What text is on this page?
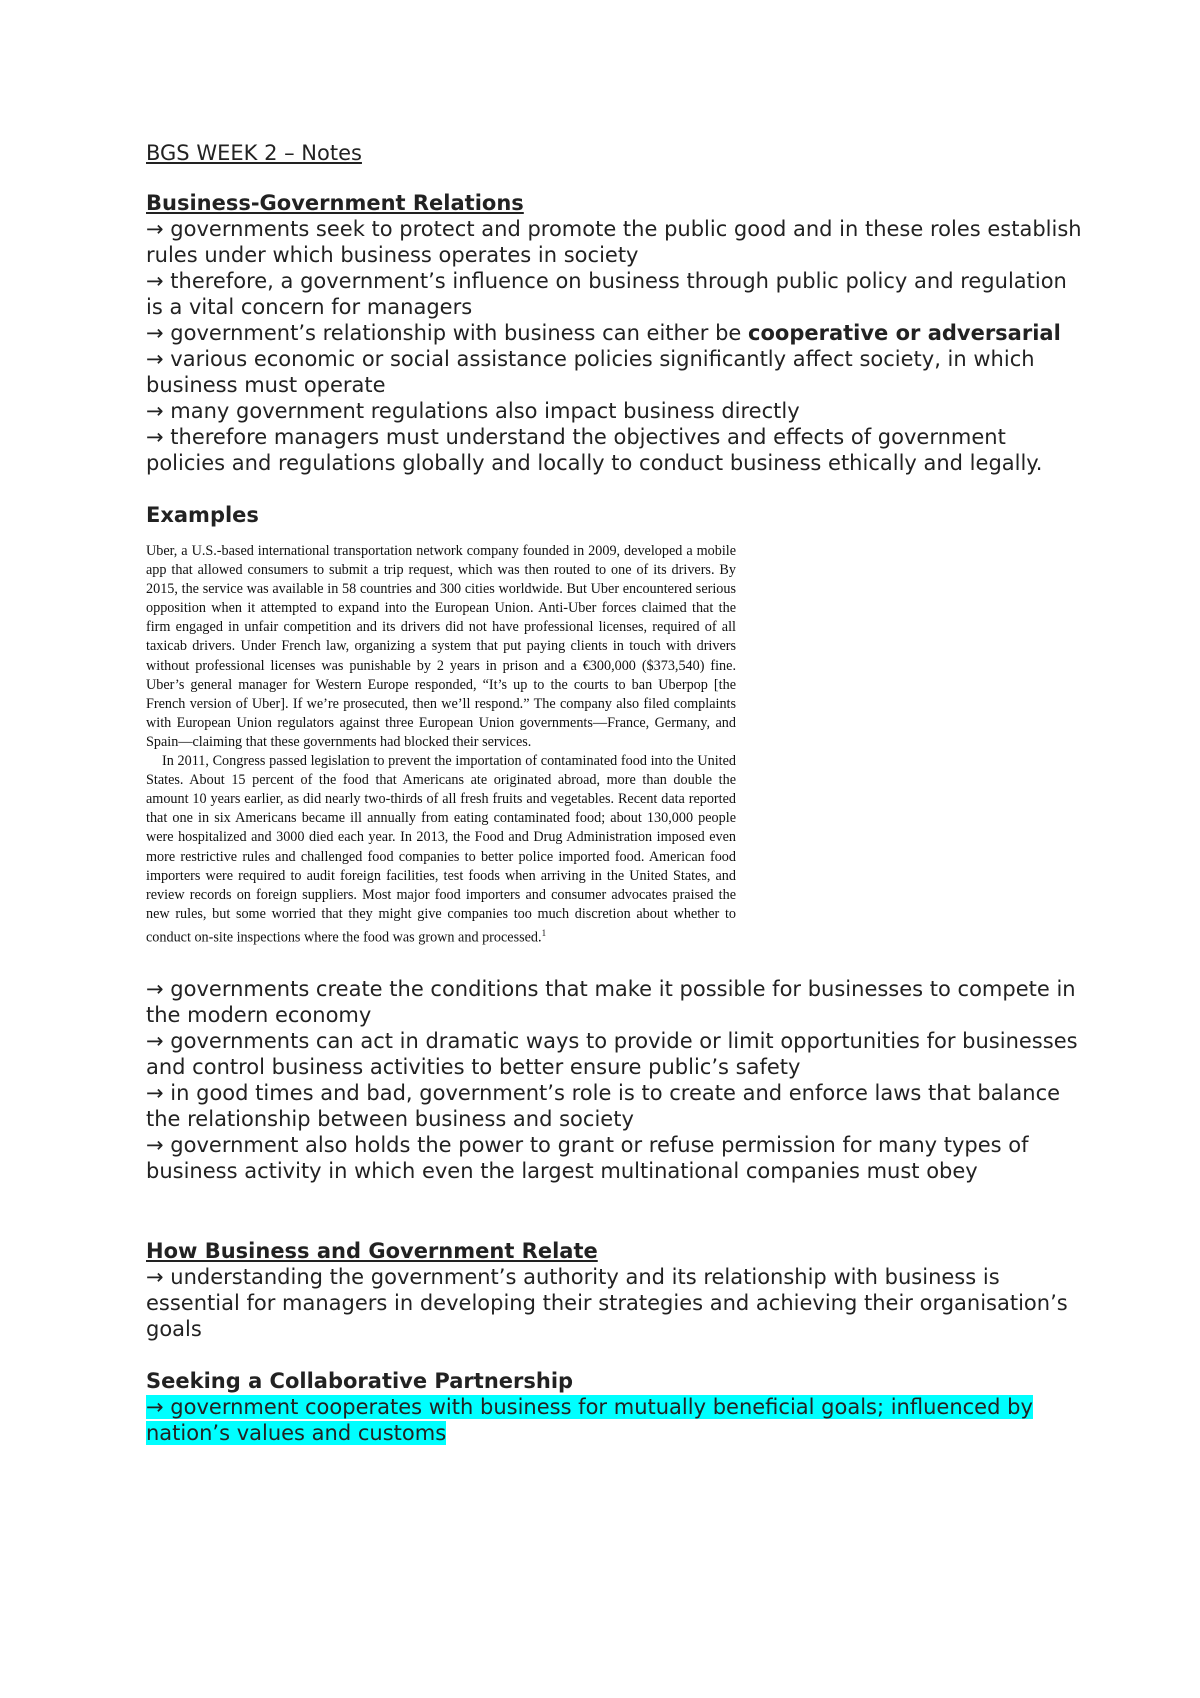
BGS WEEK 2 – Notes
Business-Government Relations

→ governments seek to protect and promote the public good and in these roles establish rules under which business operates in society

→ therefore, a government’s influence on business through public policy and regulation is a vital concern for managers

→ government’s relationship with business can either be cooperative or adversarial

→ various economic or social assistance policies significantly affect society, in which business must operate

→ many government regulations also impact business directly

→ therefore managers must understand the objectives and effects of government policies and regulations globally and locally to conduct business ethically and legally.

Examples

Uber, a U.S.-based international transportation network company founded in 2009, developed a mobile app that allowed consumers to submit a trip request, which was then routed to one of its drivers. By 2015, the service was available in 58 countries and 300 cities worldwide. But Uber encountered serious opposition when it attempted to expand into the European Union. Anti-Uber forces claimed that the firm engaged in unfair competition and its drivers did not have professional licenses, required of all taxicab drivers. Under French law, organizing a system that put paying clients in touch with drivers without professional licenses was punishable by 2 years in prison and a €300,000 ($373,540) fine. Uber’s general manager for Western Europe responded, “It’s up to the courts to ban Uberpop [the French version of Uber]. If we’re prosecuted, then we’ll respond.” The company also filed complaints with European Union regulators against three European Union governments—France, Germany, and Spain—claiming that these governments had blocked their services.

In 2011, Congress passed legislation to prevent the importation of contaminated food into the United States. About 15 percent of the food that Americans ate originated abroad, more than double the amount 10 years earlier, as did nearly two-thirds of all fresh fruits and vegetables. Recent data reported that one in six Americans became ill annually from eating contaminated food; about 130,000 people were hospitalized and 3000 died each year. In 2013, the Food and Drug Administration imposed even more restrictive rules and challenged food companies to better police imported food. American food importers were required to audit foreign facilities, test foods when arriving in the United States, and review records on foreign suppliers. Most major food importers and consumer advocates praised the new rules, but some worried that they might give companies too much discretion about whether to conduct on-site inspections where the food was grown and processed.$^1$

→ governments create the conditions that make it possible for businesses to compete in the modern economy

→ governments can act in dramatic ways to provide or limit opportunities for businesses and control business activities to better ensure public’s safety

→ in good times and bad, government’s role is to create and enforce laws that balance the relationship between business and society

→ government also holds the power to grant or refuse permission for many types of business activity in which even the largest multinational companies must obey

How Business and Government Relate

→ understanding the government’s authority and its relationship with business is essential for managers in developing their strategies and achieving their organisation’s goals

Seeking a Collaborative Partnership

→ government cooperates with business for mutually beneficial goals; influenced by nation’s values and customs
